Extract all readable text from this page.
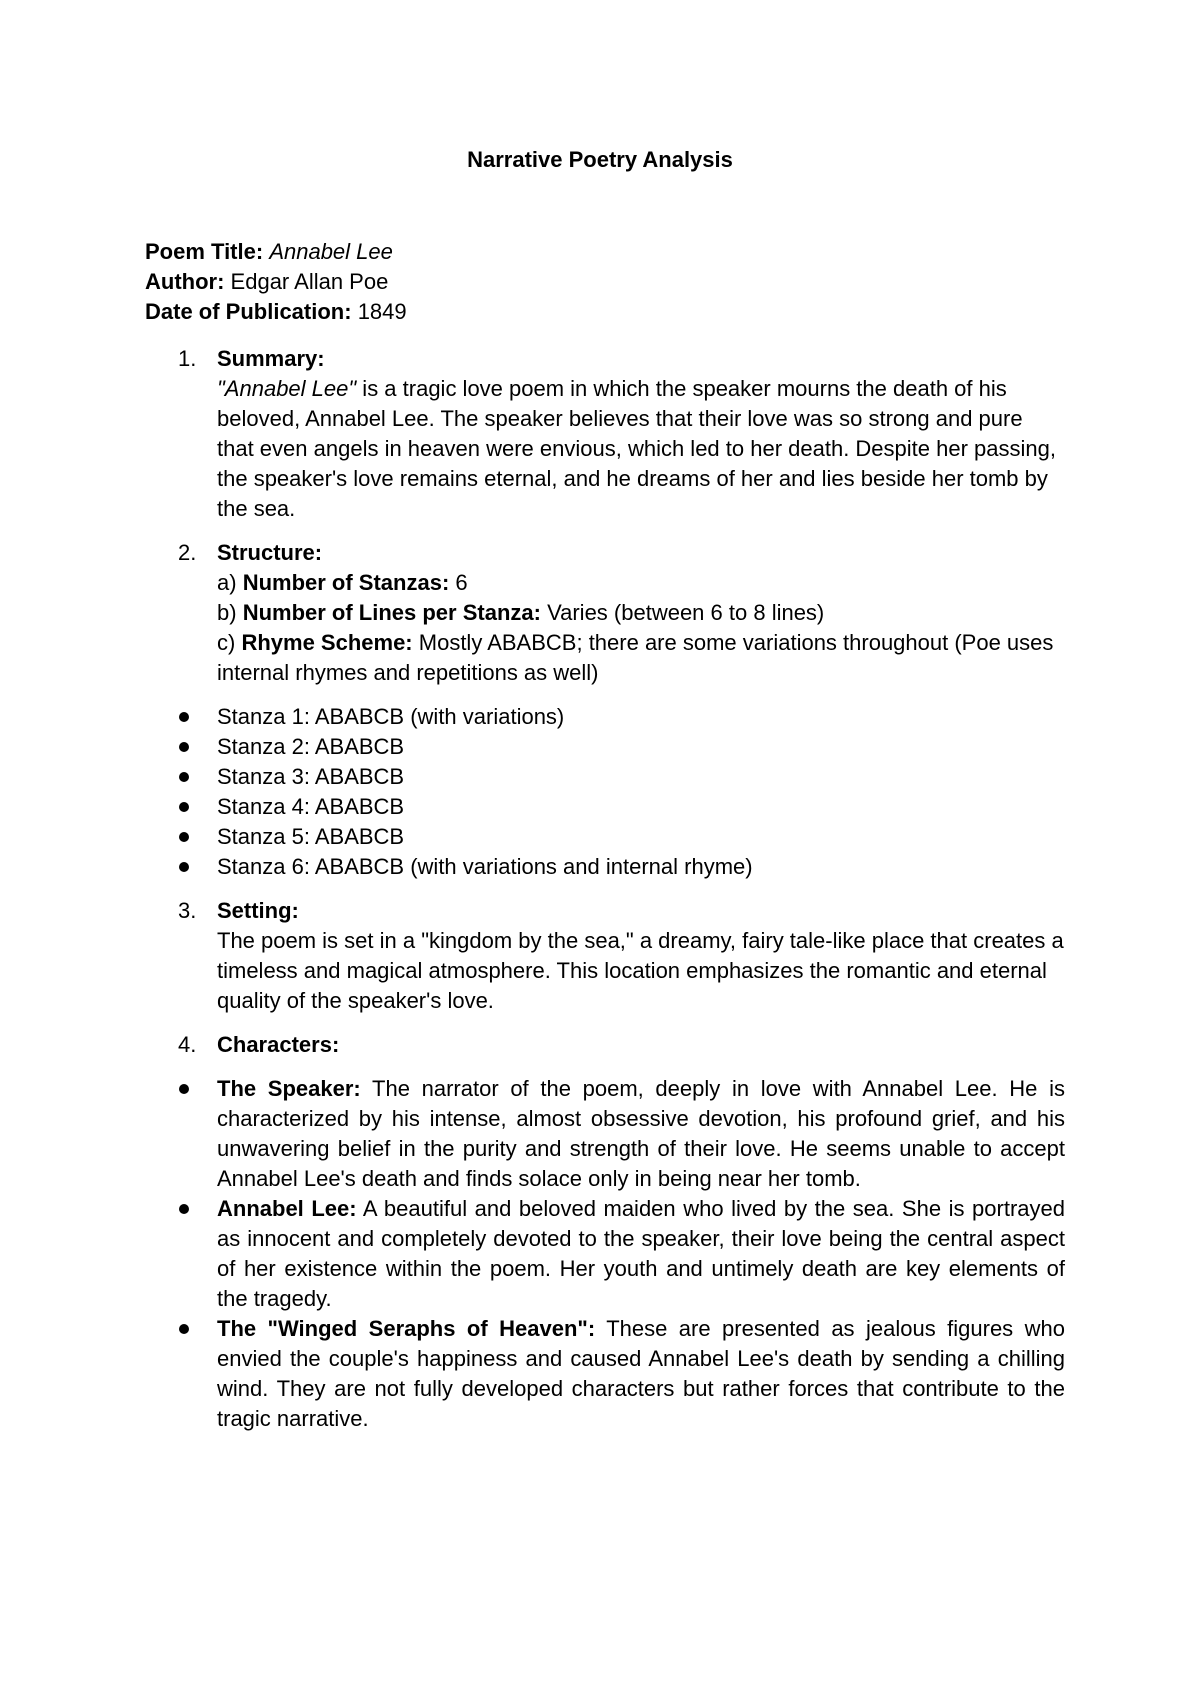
Narrative Poetry Analysis
Poem Title: Annabel Lee
Author: Edgar Allan Poe
Date of Publication: 1849
1. Summary:
"Annabel Lee" is a tragic love poem in which the speaker mourns the death of his beloved, Annabel Lee. The speaker believes that their love was so strong and pure that even angels in heaven were envious, which led to her death. Despite her passing, the speaker's love remains eternal, and he dreams of her and lies beside her tomb by the sea.
2. Structure:
a) Number of Stanzas: 6
b) Number of Lines per Stanza: Varies (between 6 to 8 lines)
c) Rhyme Scheme: Mostly ABABCB; there are some variations throughout (Poe uses internal rhymes and repetitions as well)
Stanza 1: ABABCB (with variations)
Stanza 2: ABABCB
Stanza 3: ABABCB
Stanza 4: ABABCB
Stanza 5: ABABCB
Stanza 6: ABABCB (with variations and internal rhyme)
3. Setting:
The poem is set in a "kingdom by the sea," a dreamy, fairy tale-like place that creates a timeless and magical atmosphere. This location emphasizes the romantic and eternal quality of the speaker's love.
4. Characters:
The Speaker: The narrator of the poem, deeply in love with Annabel Lee. He is characterized by his intense, almost obsessive devotion, his profound grief, and his unwavering belief in the purity and strength of their love. He seems unable to accept Annabel Lee's death and finds solace only in being near her tomb.
Annabel Lee: A beautiful and beloved maiden who lived by the sea. She is portrayed as innocent and completely devoted to the speaker, their love being the central aspect of her existence within the poem. Her youth and untimely death are key elements of the tragedy.
The "Winged Seraphs of Heaven": These are presented as jealous figures who envied the couple's happiness and caused Annabel Lee's death by sending a chilling wind. They are not fully developed characters but rather forces that contribute to the tragic narrative.
